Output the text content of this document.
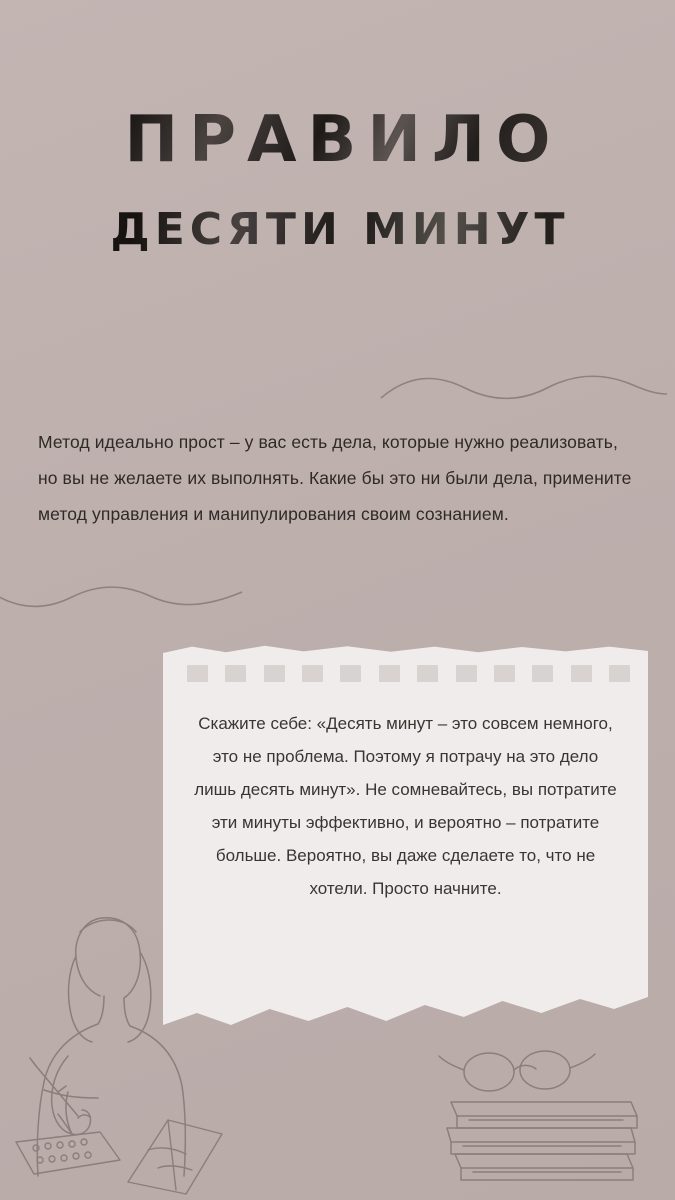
ПРАВИЛО
ДЕСЯТИ МИНУТ
Метод идеально прост – у вас есть дела, которые нужно реализовать, но вы не желаете их выполнять. Какие бы это ни были дела, примените метод управления и манипулирования своим сознанием.
Скажите себе: «Десять минут – это совсем немного, это не проблема. Поэтому я потрачу на это дело лишь десять минут». Не сомневайтесь, вы потратите эти минуты эффективно, и вероятно – потратите больше. Вероятно, вы даже сделаете то, что не хотели. Просто начните.
